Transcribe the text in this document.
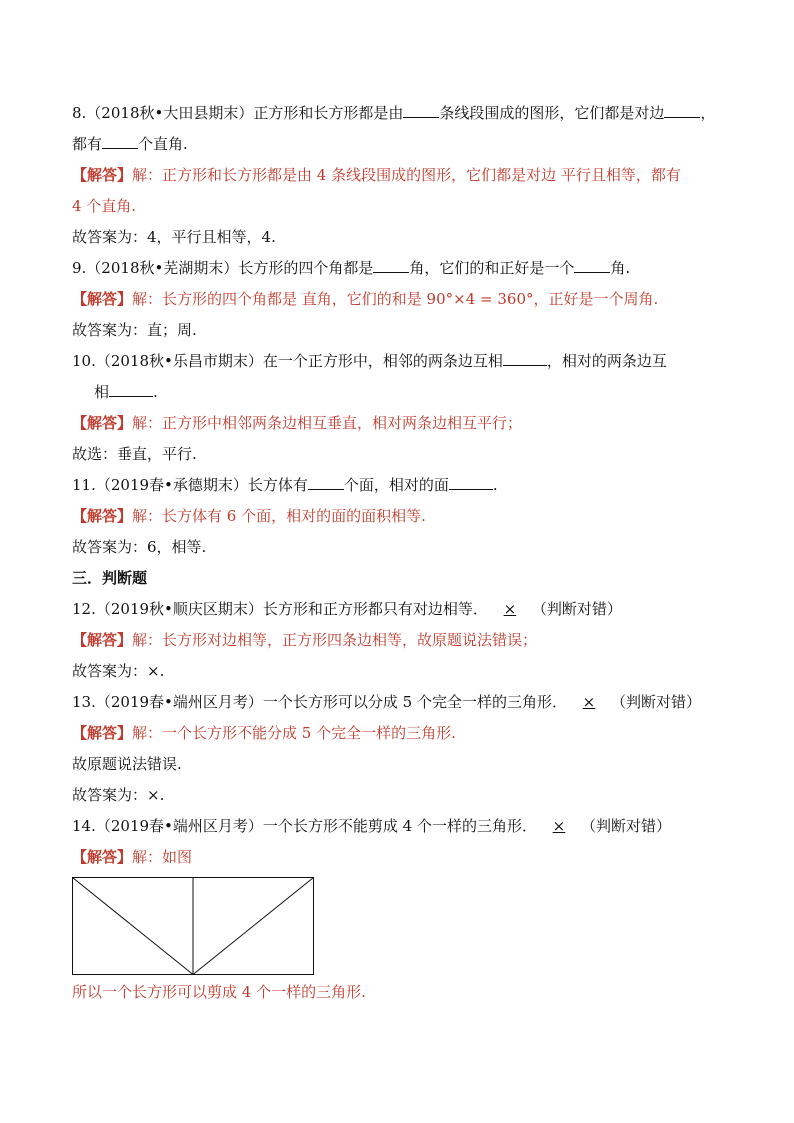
8.（2018秋•大田县期末）正方形和长方形都是由 条线段围成的图形，它们都是对边 ，
都有 个直角.
【解答】解：正方形和长方形都是由 4 条线段围成的图形，它们都是对边 平行且相等，都有
4 个直角.
故答案为：4，平行且相等，4.
9.（2018秋•芜湖期末）长方形的四个角都是 角，它们的和正好是一个 角.
【解答】解：长方形的四个角都是 直角，它们的和是 90°×4 = 360°，正好是一个周角.
故答案为：直；周.
10.（2018秋•乐昌市期末）在一个正方形中，相邻的两条边互相	，相对的两条边互
相	.
【解答】解：正方形中相邻两条边相互垂直，相对两条边相互平行；
故选：垂直，平行.
11.（2019春•承德期末）长方体有 个面，相对的面	.
【解答】解：长方体有 6 个面，相对的面的面积相等.
故答案为：6，相等.
三．判断题
12.（2019秋•顺庆区期末）长方形和正方形都只有对边相等． × （判断对错）
【解答】解：长方形对边相等，正方形四条边相等，故原题说法错误；
故答案为：×.
13.（2019春•端州区月考）一个长方形可以分成 5 个完全一样的三角形． × （判断对错）
【解答】解：一个长方形不能分成 5 个完全一样的三角形.
故原题说法错误.
故答案为：×.
14.（2019春•端州区月考）一个长方形不能剪成 4 个一样的三角形． × （判断对错）
【解答】解：如图
所以一个长方形可以剪成 4 个一样的三角形.
